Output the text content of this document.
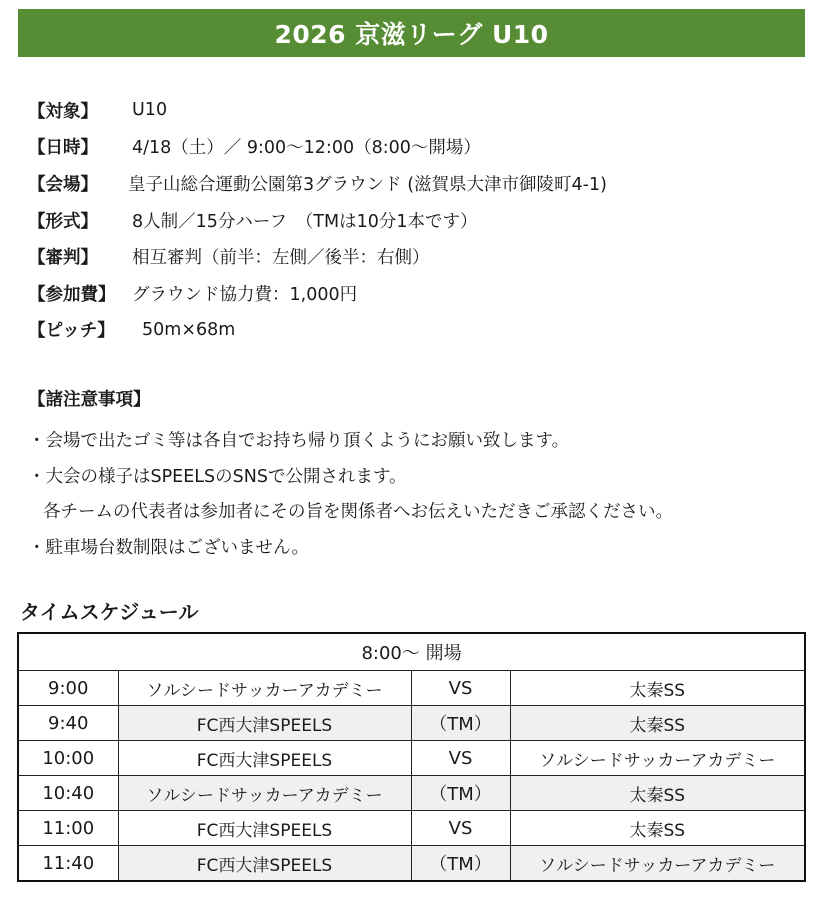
2026 京滋リーグ U10
【対象】	U10
【日時】	4/18（土）／ 9:00〜12:00（8:00〜開場）
【会場】	皇子山総合運動公園第3グラウンド (滋賀県大津市御陵町4-1)
【形式】	8人制／15分ハーフ　（TMは10分1本です）
【審判】	相互審判（前半：左側／後半：右側）
【参加費】 グラウンド協力費：1,000円
【ピッチ】	50m×68m
【諸注意事項】
・会場で出たゴミ等は各自でお持ち帰り頂くようにお願い致します。
・大会の様子はSPEELSのSNSで公開されます。
各チームの代表者は参加者にその旨を関係者へお伝えいただきご承認ください。
・駐車場台数制限はございません。
タイムスケジュール
8:00〜 開場			
9:00	ソルシードサッカーアカデミー	VS	太秦SS
9:40	FC西大津SPEELS	（TM）	太秦SS
10:00	FC西大津SPEELS	VS	ソルシードサッカーアカデミー
10:40	ソルシードサッカーアカデミー	（TM）	太秦SS
11:00	FC西大津SPEELS	VS	太秦SS
11:40	FC西大津SPEELS	（TM）	ソルシードサッカーアカデミー
